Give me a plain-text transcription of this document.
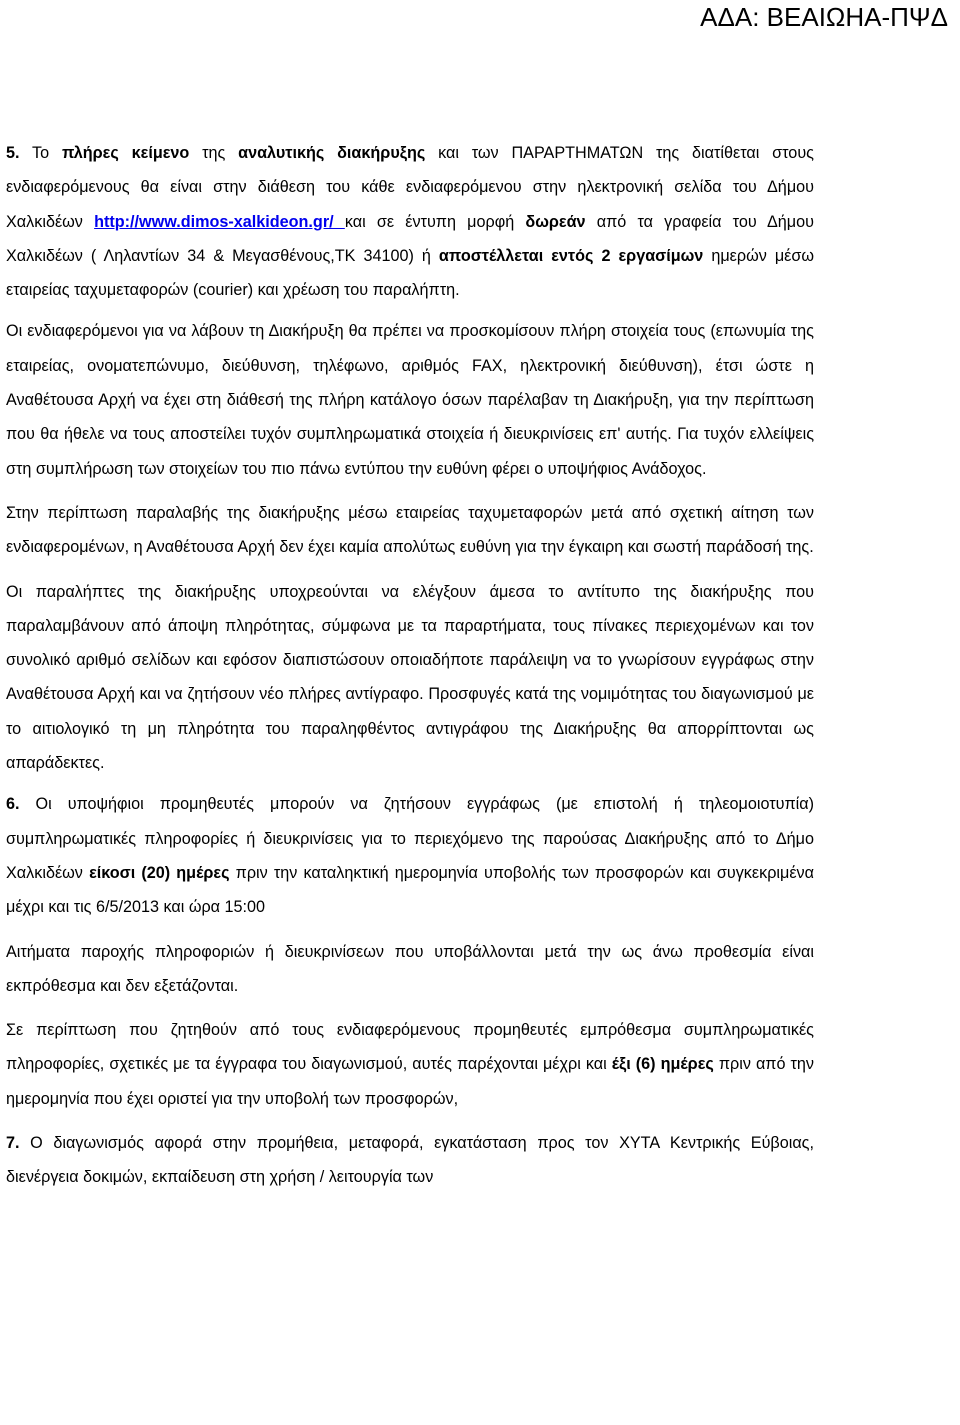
ΑΔΑ: ΒΕΑΙΩΗΑ-ΠΨΔ

5. Το πλήρες κείμενο της αναλυτικής διακήρυξης και των ΠΑΡΑΡΤΗΜΑΤΩΝ της διατίθεται στους ενδιαφερόμενους θα είναι στην διάθεση του κάθε ενδιαφερόμενου στην ηλεκτρονική σελίδα του Δήμου Χαλκιδέων http://www.dimos-xalkideon.gr/ και σε έντυπη μορφή δωρεάν από τα γραφεία του Δήμου Χαλκιδέων ( Ληλαντίων 34 & Μεγασθένους,ΤΚ 34100) ή αποστέλλεται εντός 2 εργασίμων ημερών μέσω εταιρείας ταχυμεταφορών (courier) και χρέωση του παραλήπτη.

Οι ενδιαφερόμενοι για να λάβουν τη Διακήρυξη θα πρέπει να προσκομίσουν πλήρη στοιχεία τους (επωνυμία της εταιρείας, ονοματεπώνυμο, διεύθυνση, τηλέφωνο, αριθμός FAX, ηλεκτρονική διεύθυνση), έτσι ώστε η Αναθέτουσα Αρχή να έχει στη διάθεσή της πλήρη κατάλογο όσων παρέλαβαν τη Διακήρυξη, για την περίπτωση που θα ήθελε να τους αποστείλει τυχόν συμπληρωματικά στοιχεία ή διευκρινίσεις επ' αυτής. Για τυχόν ελλείψεις στη συμπλήρωση των στοιχείων του πιο πάνω εντύπου την ευθύνη φέρει ο υποψήφιος Ανάδοχος.

Στην περίπτωση παραλαβής της διακήρυξης μέσω εταιρείας ταχυμεταφορών μετά από σχετική αίτηση των ενδιαφερομένων, η Αναθέτουσα Αρχή δεν έχει καμία απολύτως ευθύνη για την έγκαιρη και σωστή παράδοσή της.

Οι παραλήπτες της διακήρυξης υποχρεούνται να ελέγξουν άμεσα το αντίτυπο της διακήρυξης που παραλαμβάνουν από άποψη πληρότητας, σύμφωνα με τα παραρτήματα, τους πίνακες περιεχομένων και τον συνολικό αριθμό σελίδων και εφόσον διαπιστώσουν οποιαδήποτε παράλειψη να το γνωρίσουν εγγράφως στην Αναθέτουσα Αρχή και να ζητήσουν νέο πλήρες αντίγραφο. Προσφυγές κατά της νομιμότητας του διαγωνισμού με το αιτιολογικό τη μη πληρότητα του παραληφθέντος αντιγράφου της Διακήρυξης θα απορρίπτονται ως απαράδεκτες.

6. Οι υποψήφιοι προμηθευτές μπορούν να ζητήσουν εγγράφως (με επιστολή ή τηλεομοιοτυπία) συμπληρωματικές πληροφορίες ή διευκρινίσεις για το περιεχόμενο της παρούσας Διακήρυξης από το Δήμο Χαλκιδέων είκοσι (20) ημέρες πριν την καταληκτική ημερομηνία υποβολής των προσφορών και συγκεκριμένα μέχρι και τις 6/5/2013 και ώρα 15:00

Αιτήματα παροχής πληροφοριών ή διευκρινίσεων που υποβάλλονται μετά την ως άνω προθεσμία είναι εκπρόθεσμα και δεν εξετάζονται.

Σε περίπτωση που ζητηθούν από τους ενδιαφερόμενους προμηθευτές εμπρόθεσμα συμπληρωματικές πληροφορίες, σχετικές με τα έγγραφα του διαγωνισμού, αυτές παρέχονται μέχρι και έξι (6) ημέρες πριν από την ημερομηνία που έχει οριστεί για την υποβολή των προσφορών,

7. Ο διαγωνισμός αφορά στην προμήθεια, μεταφορά, εγκατάσταση προς τον ΧΥΤΑ Κεντρικής Εύβοιας, διενέργεια δοκιμών, εκπαίδευση στη χρήση / λειτουργία των
